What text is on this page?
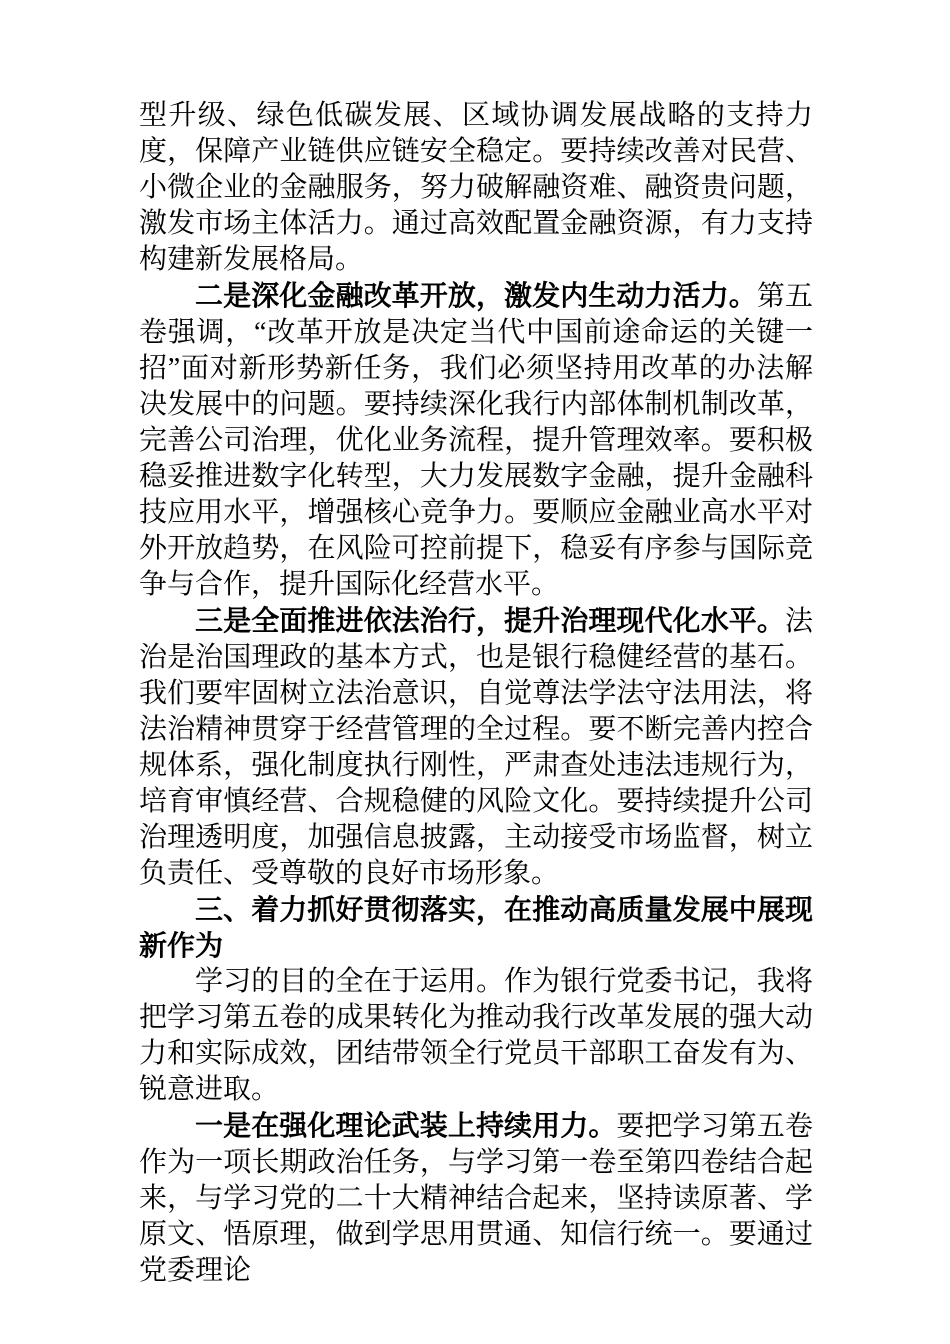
型升级、绿色低碳发展、区域协调发展战略的支持力度，保障产业链供应链安全稳定。要持续改善对民营、小微企业的金融服务，努力破解融资难、融资贵问题，激发市场主体活力。通过高效配置金融资源，有力支持构建新发展格局。

二是深化金融改革开放，激发内生动力活力。第五卷强调，“改革开放是决定当代中国前途命运的关键一招”面对新形势新任务，我们必须坚持用改革的办法解决发展中的问题。要持续深化我行内部体制机制改革，完善公司治理，优化业务流程，提升管理效率。要积极稳妥推进数字化转型，大力发展数字金融，提升金融科技应用水平，增强核心竞争力。要顺应金融业高水平对外开放趋势，在风险可控前提下，稳妥有序参与国际竞争与合作，提升国际化经营水平。

三是全面推进依法治行，提升治理现代化水平。法治是治国理政的基本方式，也是银行稳健经营的基石。我们要牢固树立法治意识，自觉尊法学法守法用法，将法治精神贯穿于经营管理的全过程。要不断完善内控合规体系，强化制度执行刚性，严肃查处违法违规行为，培育审慎经营、合规稳健的风险文化。要持续提升公司治理透明度，加强信息披露，主动接受市场监督，树立负责任、受尊敬的良好市场形象。

三、着力抓好贯彻落实，在推动高质量发展中展现新作为

学习的目的全在于运用。作为银行党委书记，我将把学习第五卷的成果转化为推动我行改革发展的强大动力和实际成效，团结带领全行党员干部职工奋发有为、锐意进取。

一是在强化理论武装上持续用力。要把学习第五卷作为一项长期政治任务，与学习第一卷至第四卷结合起来，与学习党的二十大精神结合起来，坚持读原著、学原文、悟原理，做到学思用贯通、知信行统一。要通过党委理论
